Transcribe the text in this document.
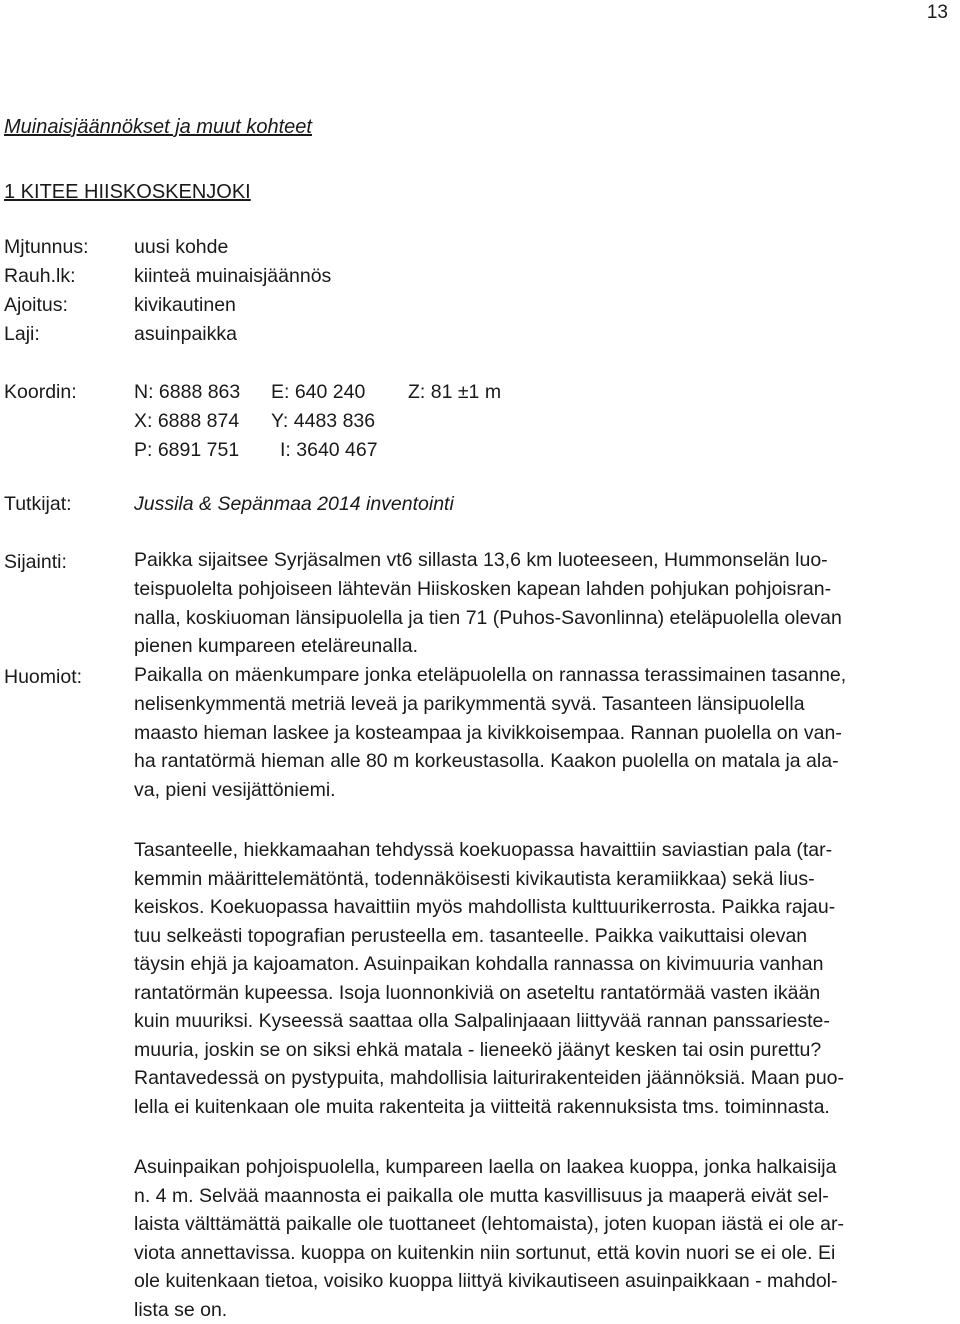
13
Muinaisjäännökset ja muut kohteet
1 KITEE HIISKOSKENJOKI
Mjtunnus: uusi kohde
Rauh.lk:	kiinteä muinaisjäännös
Ajoitus:	kivikautinen
Laji:	asuinpaikka
Koordin:	N: 6888 863 E: 640 240 Z: 81 ±1 m
X: 6888 874 Y: 4483 836
P: 6891 751 I: 3640 467
Tutkijat:	Jussila & Sepänmaa 2014 inventointi
Sijainti:	Paikka sijaitsee Syrjäsalmen vt6 sillasta 13,6 km luoteeseen, Hummonselän luo-
teispuolelta pohjoiseen lähtevän Hiiskosken kapean lahden pohjukan pohjoisran-
nalla, koskiuoman länsipuolella ja tien 71 (Puhos-Savonlinna) eteläpuolella olevan
pienen kumpareen eteläreunalla.
Huomiot:	Paikalla on mäenkumpare jonka eteläpuolella on rannassa terassimainen tasanne,
nelisenkymmentä metriä leveä ja parikymmentä syvä. Tasanteen länsipuolella
maasto hieman laskee ja kosteampaa ja kivikkoisempaa. Rannan puolella on van-
ha rantatörmä hieman alle 80 m korkeustasolla. Kaakon puolella on matala ja ala-
va, pieni vesijättöniemi.
Tasanteelle, hiekkamaahan tehdyssä koekuopassa havaittiin saviastian pala (tar-
kemmin määrittelemätöntä, todennäköisesti kivikautista keramiikkaa) sekä lius-
keiskos. Koekuopassa havaittiin myös mahdollista kulttuurikerrosta. Paikka rajau-
tuu selkeästi topografian perusteella em. tasanteelle. Paikka vaikuttaisi olevan
täysin ehjä ja kajoamaton. Asuinpaikan kohdalla rannassa on kivimuuria vanhan
rantatörmän kupeessa. Isoja luonnonkiviä on aseteltu rantatörmää vasten ikään
kuin muuriksi. Kyseessä saattaa olla Salpalinjaaan liittyvää rannan panssarieste-
muuria, joskin se on siksi ehkä matala - lieneekö jäänyt kesken tai osin purettu?
Rantavedessä on pystypuita, mahdollisia laiturirakenteiden jäännöksiä. Maan puo-
lella ei kuitenkaan ole muita rakenteita ja viitteitä rakennuksista tms. toiminnasta.
Asuinpaikan pohjoispuolella, kumpareen laella on laakea kuoppa, jonka halkaisija
n. 4 m. Selvää maannosta ei paikalla ole mutta kasvillisuus ja maaperä eivät sel-
laista välttämättä paikalle ole tuottaneet (lehtomaista), joten kuopan iästä ei ole ar-
viota annettavissa. kuoppa on kuitenkin niin sortunut, että kovin nuori se ei ole. Ei
ole kuitenkaan tietoa, voisiko kuoppa liittyä kivikautiseen asuinpaikkaan - mahdol-
lista se on.
